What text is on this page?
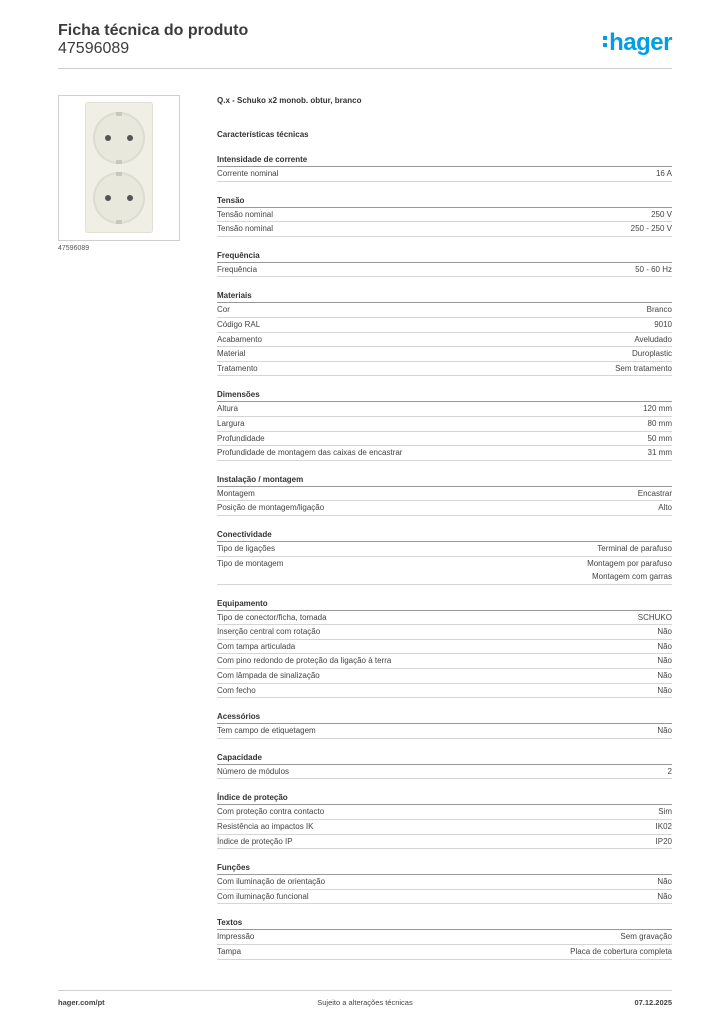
Ficha técnica do produto
47596089	hager
47596089
Q.x - Schuko x2 monob. obtur, branco
Características técnicas
Intensidade de corrente
Corrente nominal	16 A
Tensão
Tensão nominal	250 V
Tensão nominal	250 - 250 V
Frequência
Frequência	50 - 60 Hz
Materiais
Cor	Branco
Código RAL	9010
Acabamento	Aveludado
Material	Duroplastic
Tratamento	Sem tratamento
Dimensões
Altura	120 mm
Largura	80 mm
Profundidade	50 mm
Profundidade de montagem das caixas de encastrar	31 mm
Instalação / montagem
Montagem	Encastrar
Posição de montagem/ligação	Alto
Conectividade
Tipo de ligações	Terminal de parafuso
Tipo de montagem	Montagem por parafuso
Montagem com garras
Equipamento
Tipo de conector/ficha, tomada	SCHUKO
Inserção central com rotação	Não
Com tampa articulada	Não
Com pino redondo de proteção da ligação à terra	Não
Com lâmpada de sinalização	Não
Com fecho	Não
Acessórios
Tem campo de etiquetagem	Não
Capacidade
Número de módulos	2
Índice de proteção
Com proteção contra contacto	Sim
Resistência ao impactos IK	IK02
Índice de proteção IP	IP20
Funções
Com iluminação de orientação	Não
Com iluminação funcional	Não
Textos
Impressão	Sem gravação
Tampa	Placa de cobertura completa
hager.com/pt	Sujeito a alterações técnicas	07.12.2025
